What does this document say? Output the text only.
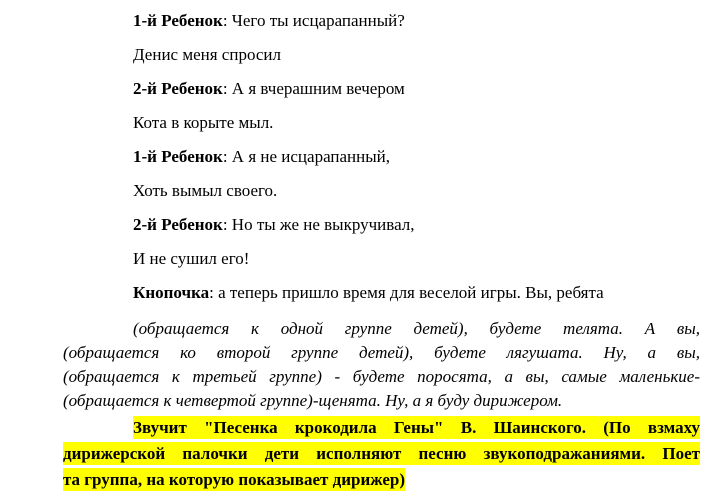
1-й Ребенок: Чего ты исцарапанный?

Денис меня спросил

2-й Ребенок: А я вчерашним вечером

Кота в корыте мыл.

1-й Ребенок: А я не исцарапанный,

Хоть вымыл своего.

2-й Ребенок: Но ты же не выкручивал,

И не сушил его!

Кнопочка: а теперь пришло время для веселой игры. Вы, ребята

(обращается к одной группе детей), будете телята. А вы,
(обращается ко второй группе детей), будете лягушата. Ну, а вы,
(обращается к третьей группе) - будете поросята, а вы, самые маленькие-
(обращается к четвертой группе)-щенята. Ну, а я буду дирижером.
Звучит "Песенка крокодила Гены" В. Шаинского. (По взмаху
дирижерской палочки дети исполняют песню звукоподражаниями. Поет
та группа, на которую показывает дирижер)
